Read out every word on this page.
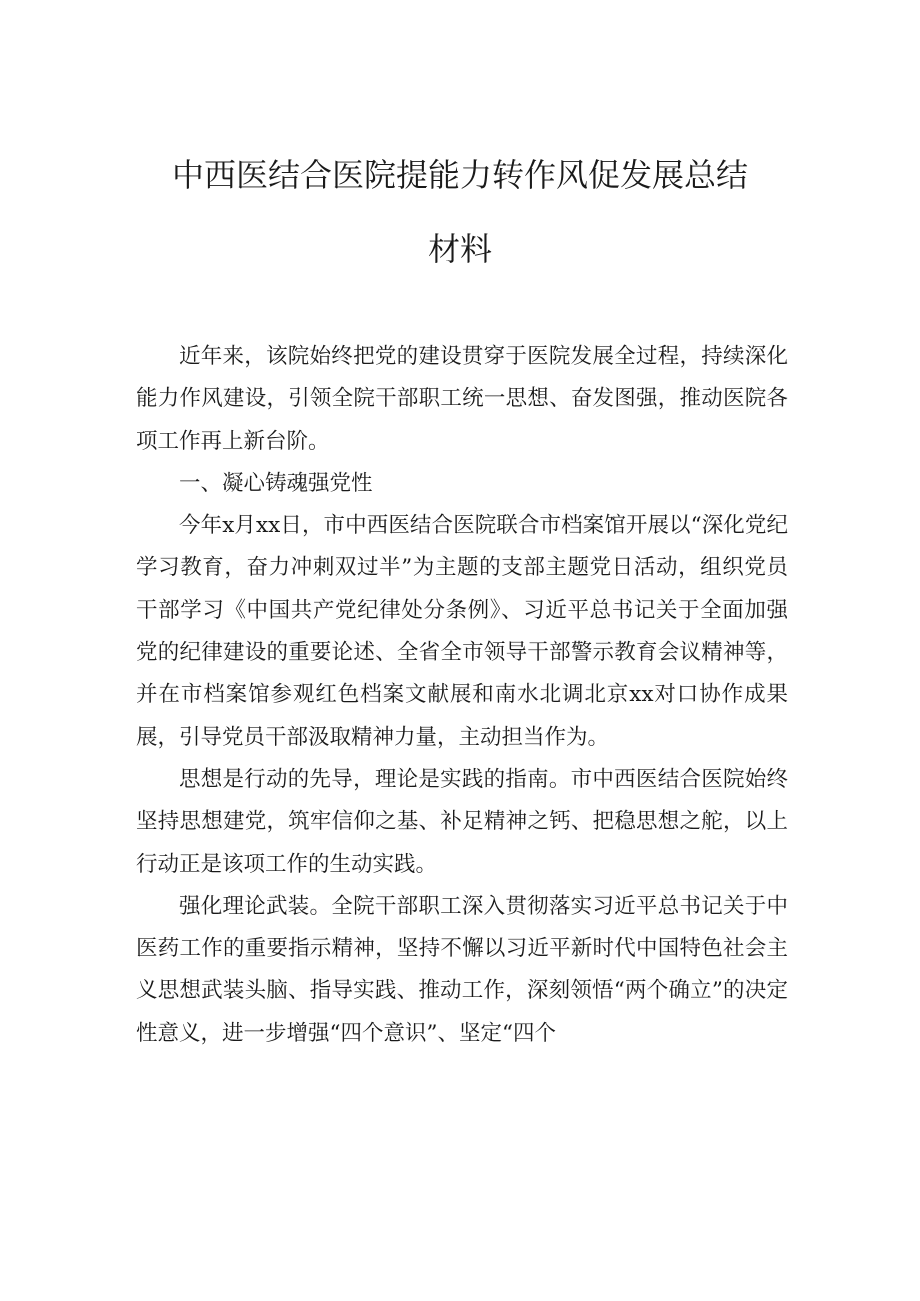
中西医结合医院提能力转作风促发展总结
材料

近年来，该院始终把党的建设贯穿于医院发展全过程，持续深化能力作风建设，引领全院干部职工统一思想、奋发图强，推动医院各项工作再上新台阶。

一、凝心铸魂强党性

今年x月xx日，市中西医结合医院联合市档案馆开展以“深化党纪学习教育，奋力冲刺双过半”为主题的支部主题党日活动，组织党员干部学习《中国共产党纪律处分条例》、习近平总书记关于全面加强党的纪律建设的重要论述、全省全市领导干部警示教育会议精神等，并在市档案馆参观红色档案文献展和南水北调北京xx对口协作成果展，引导党员干部汲取精神力量，主动担当作为。

思想是行动的先导，理论是实践的指南。市中西医结合医院始终坚持思想建党，筑牢信仰之基、补足精神之钙、把稳思想之舵，以上行动正是该项工作的生动实践。

强化理论武装。全院干部职工深入贯彻落实习近平总书记关于中医药工作的重要指示精神，坚持不懈以习近平新时代中国特色社会主义思想武装头脑、指导实践、推动工作，深刻领悟“两个确立”的决定性意义，进一步增强“四个意识”、坚定“四个
